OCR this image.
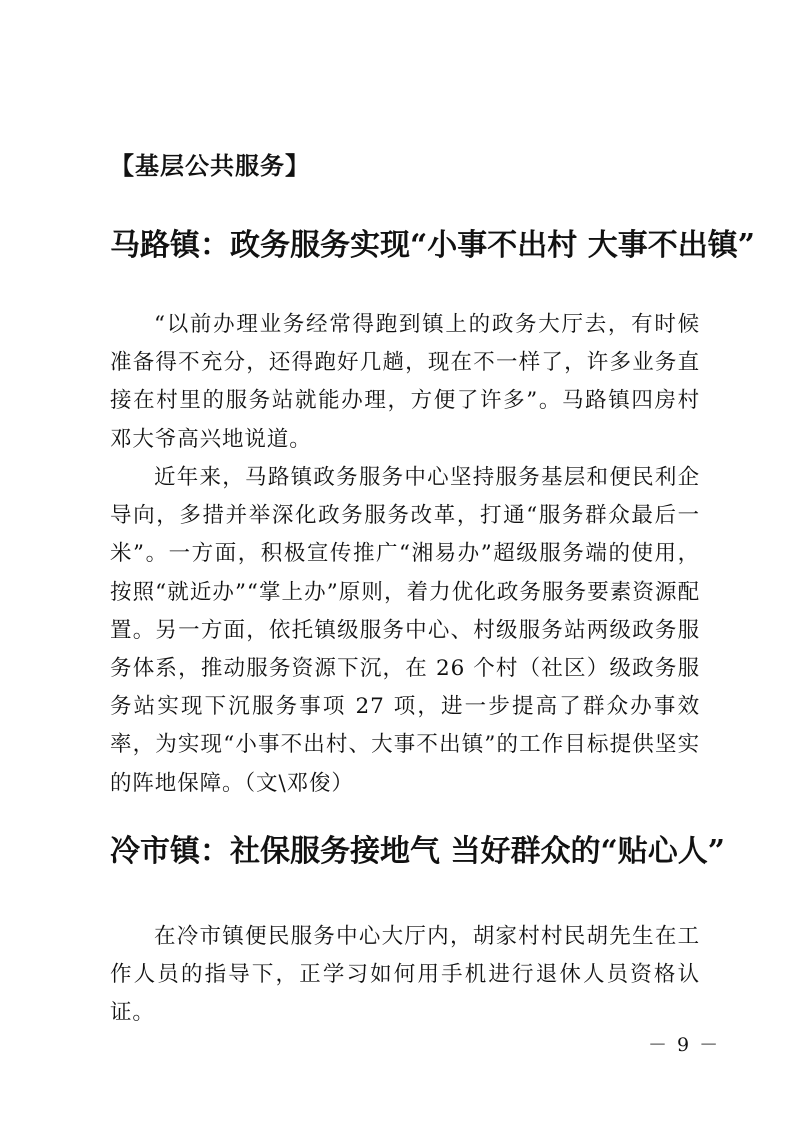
【基层公共服务】
马路镇：政务服务实现“小事不出村 大事不出镇”

“以前办理业务经常得跑到镇上的政务大厅去，有时候准备得不充分，还得跑好几趟，现在不一样了，许多业务直接在村里的服务站就能办理，方便了许多”。马路镇四房村邓大爷高兴地说道。

近年来，马路镇政务服务中心坚持服务基层和便民利企导向，多措并举深化政务服务改革，打通“服务群众最后一米”。一方面，积极宣传推广“湘易办”超级服务端的使用，按照“就近办”“掌上办”原则，着力优化政务服务要素资源配置。另一方面，依托镇级服务中心、村级服务站两级政务服务体系，推动服务资源下沉，在 26 个村（社区）级政务服务站实现下沉服务事项 27 项，进一步提高了群众办事效率，为实现“小事不出村、大事不出镇”的工作目标提供坚实的阵地保障。（文\邓俊）

冷市镇：社保服务接地气 当好群众的“贴心人”

在冷市镇便民服务中心大厅内，胡家村村民胡先生在工作人员的指导下，正学习如何用手机进行退休人员资格认证。

－ 9 －
